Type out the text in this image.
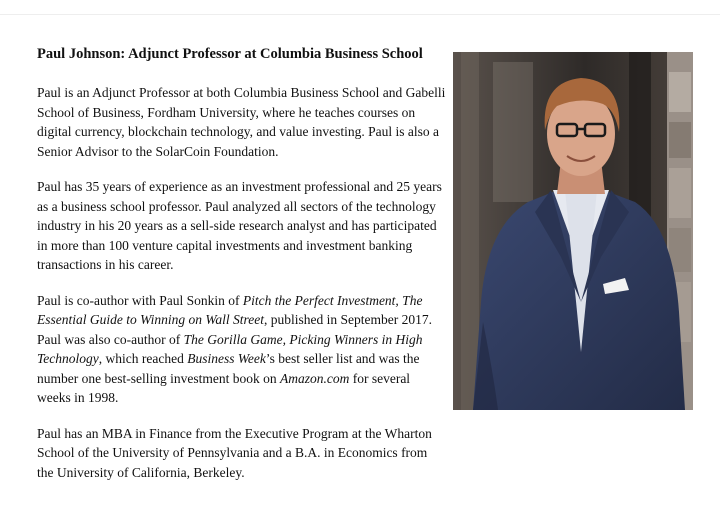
Paul Johnson: Adjunct Professor at Columbia Business School

Paul is an Adjunct Professor at both Columbia Business School and Gabelli School of Business, Fordham University, where he teaches courses on digital currency, blockchain technology, and value investing. Paul is also a Senior Advisor to the SolarCoin Foundation.

Paul has 35 years of experience as an investment professional and 25 years as a business school professor. Paul analyzed all sectors of the technology industry in his 20 years as a sell-side research analyst and has participated in more than 100 venture capital investments and investment banking transactions in his career.

Paul is co-author with Paul Sonkin of Pitch the Perfect Investment, The Essential Guide to Winning on Wall Street, published in September 2017. Paul was also co-author of The Gorilla Game, Picking Winners in High Technology, which reached Business Week’s best seller list and was the number one best-selling investment book on Amazon.com for several weeks in 1998.

Paul has an MBA in Finance from the Executive Program at the Wharton School of the University of Pennsylvania and a B.A. in Economics from the University of California, Berkeley.
